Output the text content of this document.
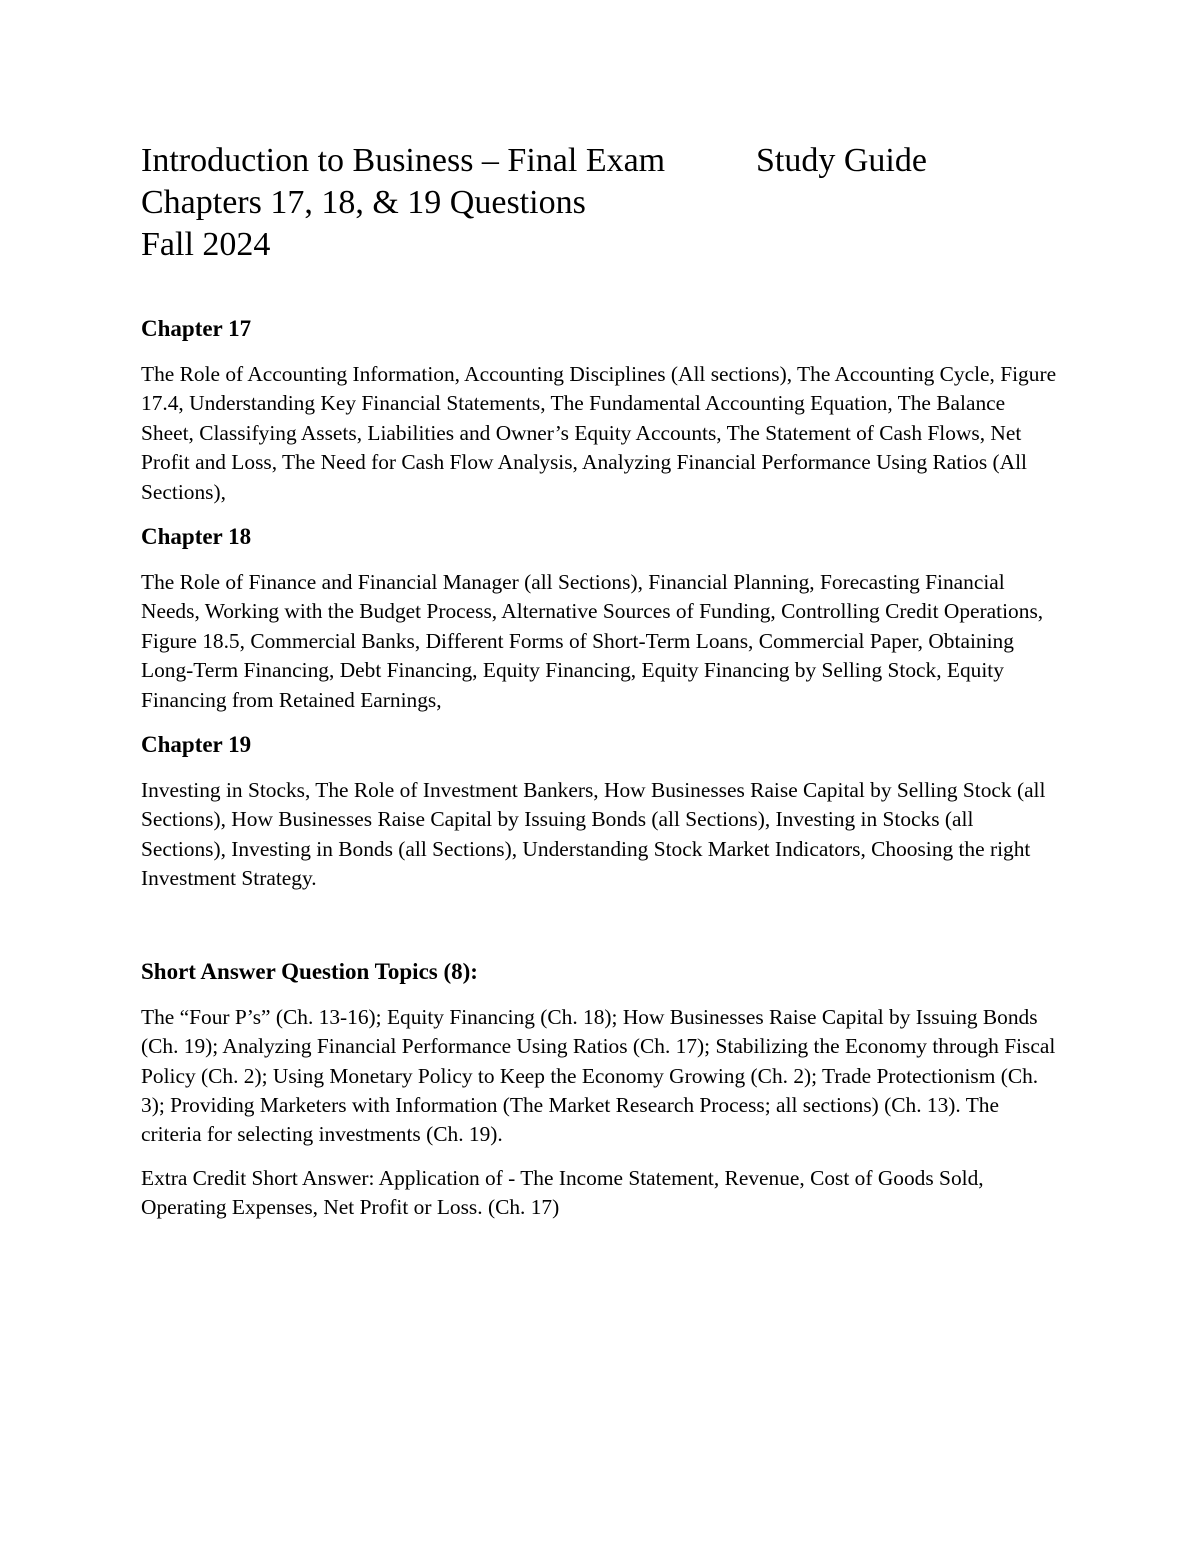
Introduction to Business – Final Exam	Study Guide
Chapters 17, 18, & 19 Questions
Fall 2024

Chapter 17

The Role of Accounting Information, Accounting Disciplines (All sections), The Accounting Cycle, Figure 17.4, Understanding Key Financial Statements, The Fundamental Accounting Equation, The Balance Sheet, Classifying Assets, Liabilities and Owner’s Equity Accounts, The Statement of Cash Flows, Net Profit and Loss, The Need for Cash Flow Analysis, Analyzing Financial Performance Using Ratios (All Sections),

Chapter 18

The Role of Finance and Financial Manager (all Sections), Financial Planning, Forecasting Financial Needs, Working with the Budget Process, Alternative Sources of Funding, Controlling Credit Operations, Figure 18.5, Commercial Banks, Different Forms of Short-Term Loans, Commercial Paper, Obtaining Long-Term Financing, Debt Financing, Equity Financing, Equity Financing by Selling Stock, Equity Financing from Retained Earnings,

Chapter 19

Investing in Stocks, The Role of Investment Bankers, How Businesses Raise Capital by Selling Stock (all Sections), How Businesses Raise Capital by Issuing Bonds (all Sections), Investing in Stocks (all Sections), Investing in Bonds (all Sections), Understanding Stock Market Indicators, Choosing the right Investment Strategy.

Short Answer Question Topics (8):

The “Four P’s” (Ch. 13-16); Equity Financing (Ch. 18); How Businesses Raise Capital by Issuing Bonds (Ch. 19); Analyzing Financial Performance Using Ratios (Ch. 17); Stabilizing the Economy through Fiscal Policy (Ch. 2); Using Monetary Policy to Keep the Economy Growing (Ch. 2); Trade Protectionism (Ch. 3); Providing Marketers with Information (The Market Research Process; all sections) (Ch. 13). The criteria for selecting investments (Ch. 19).

Extra Credit Short Answer: Application of - The Income Statement, Revenue, Cost of Goods Sold, Operating Expenses, Net Profit or Loss. (Ch. 17)
